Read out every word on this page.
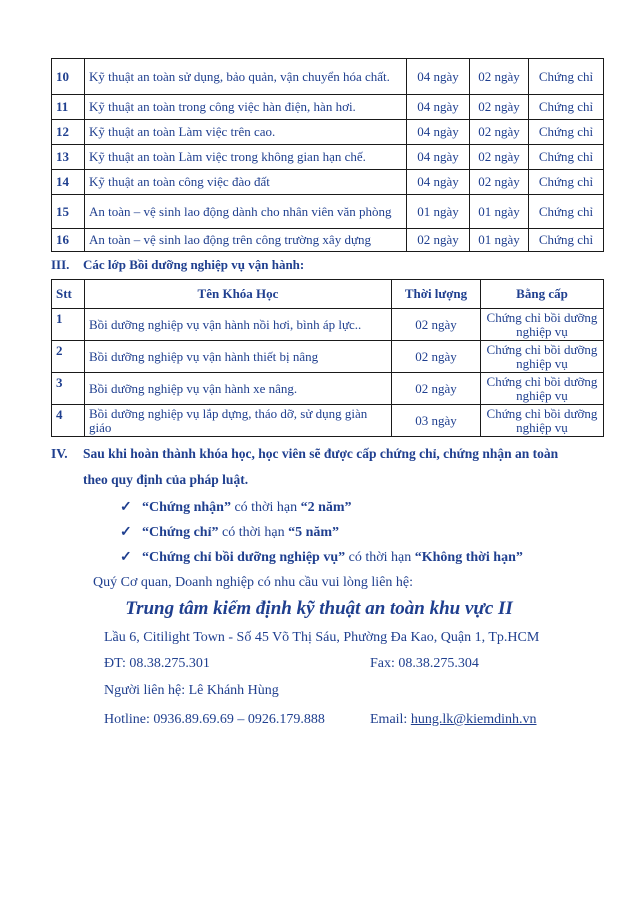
10	Kỹ thuật an toàn sử dụng, bảo quản, vận chuyển hóa chất.	04 ngày	02 ngày	Chứng chỉ
11	Kỹ thuật an toàn trong công việc hàn điện, hàn hơi.	04 ngày	02 ngày	Chứng chỉ
12	Kỹ thuật an toàn Làm việc trên cao.	04 ngày	02 ngày	Chứng chỉ
13	Kỹ thuật an toàn Làm việc trong không gian hạn chế.	04 ngày	02 ngày	Chứng chỉ
14	Kỹ thuật an toàn công việc đào đất	04 ngày	02 ngày	Chứng chỉ
15	An toàn – vệ sinh lao động dành cho nhân viên văn phòng	01 ngày	01 ngày	Chứng chỉ
16	An toàn – vệ sinh lao động trên công trường xây dựng	02 ngày	01 ngày	Chứng chỉ
III. Các lớp Bồi dưỡng nghiệp vụ vận hành:
Stt	Tên Khóa Học	Thời lượng	Bằng cấp
1	Bồi dưỡng nghiệp vụ vận hành nồi hơi, bình áp lực..	02 ngày	Chứng chỉ bồi dưỡng nghiệp vụ
2	Bồi dưỡng nghiệp vụ vận hành thiết bị nâng	02 ngày	Chứng chỉ bồi dưỡng nghiệp vụ
3	Bồi dưỡng nghiệp vụ vận hành xe nâng.	02 ngày	Chứng chỉ bồi dưỡng nghiệp vụ
4	Bồi dưỡng nghiệp vụ lắp dựng, tháo dỡ, sử dụng giàn giáo	03 ngày	Chứng chỉ bồi dưỡng nghiệp vụ
IV. Sau khi hoàn thành khóa học, học viên sẽ được cấp chứng chỉ, chứng nhận an toàn
theo quy định của pháp luật.
✓ “Chứng nhận” có thời hạn “2 năm”
✓ “Chứng chỉ” có thời hạn “5 năm”
✓ “Chứng chỉ bồi dưỡng nghiệp vụ” có thời hạn “Không thời hạn”
Quý Cơ quan, Doanh nghiệp có nhu cầu vui lòng liên hệ:
Trung tâm kiểm định kỹ thuật an toàn khu vực II
Lầu 6, Citilight Town - Số 45 Võ Thị Sáu, Phường Đa Kao, Quận 1, Tp.HCM
ĐT: 08.38.275.301	Fax: 08.38.275.304
Người liên hệ: Lê Khánh Hùng
Hotline: 0936.89.69.69 – 0926.179.888	Email: hung.lk@kiemdinh.vn
